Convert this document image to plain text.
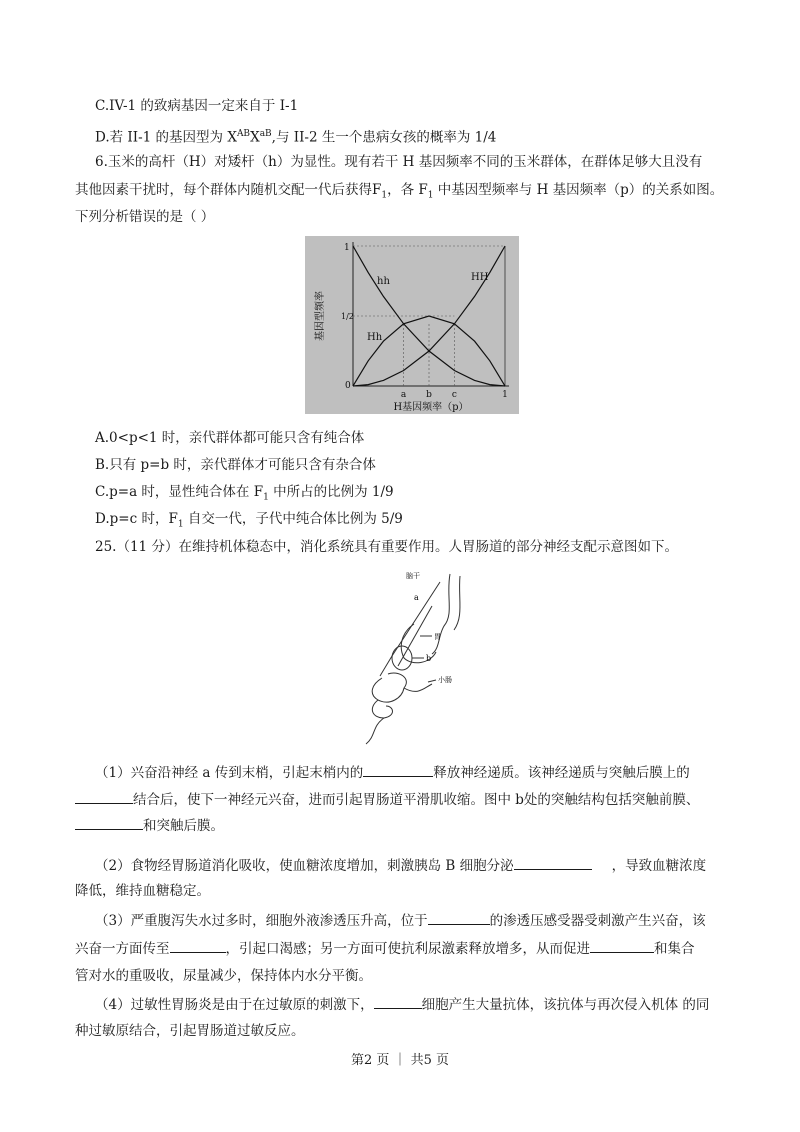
C.IV-1 的致病基因一定来自于 I-1
D.若 II-1 的基因型为 $X^{AB}X^{aB}$,与 II-2 生一个患病女孩的概率为 1/4
6.玉米的高杆（H）对矮杆（h）为显性。现有若干 H 基因频率不同的玉米群体，在群体足够大且没有
其他因素干扰时，每个群体内随机交配一代后获得$F_1$，各 $F_1$ 中基因型频率与 H 基因频率（p）的关系如图。
下列分析错误的是（ ）
hh
Hh
HH
0
a b c	1
1/2
1
H基因频率（p）
基因型频率
A.0<p<1 时，亲代群体都可能只含有纯合体
B.只有 p=b 时，亲代群体才可能只含有杂合体
C.p=a 时，显性纯合体在 $F_1$ 中所占的比例为 1/9
D.p=c 时，$F_1$ 自交一代，子代中纯合体比例为 5/9
25.（11 分）在维持机体稳态中，消化系统具有重要作用。人胃肠道的部分神经支配示意图如下。
脑干
a
b
胃
小肠
（1）兴奋沿神经 a 传到末梢，引起末梢内的	释放神经递质。该神经递质与突触后膜上的
结合后，使下一神经元兴奋，进而引起胃肠道平滑肌收缩。图中 b处的突触结构包括突触前膜、
和突触后膜。
（2）食物经胃肠道消化吸收，使血糖浓度增加，刺激胰岛 B 细胞分泌	，导致血糖浓度
降低，维持血糖稳定。
（3）严重腹泻失水过多时，细胞外液渗透压升高，位于	的渗透压感受器受刺激产生兴奋，该
兴奋一方面传至	，引起口渴感；另一方面可使抗利尿激素释放增多，从而促进	和集合
管对水的重吸收，尿量减少，保持体内水分平衡。
（4）过敏性胃肠炎是由于在过敏原的刺激下，	细胞产生大量抗体，该抗体与再次侵入机体 的同
种过敏原结合，引起胃肠道过敏反应。
第2 页 ｜ 共5 页
